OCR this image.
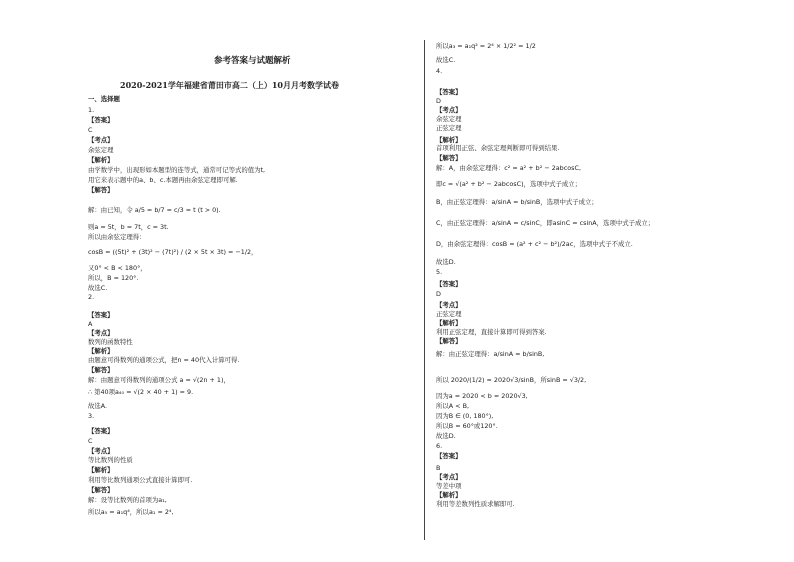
参考答案与试题解析
2020-2021学年福建省莆田市高二（上）10月月考数学试卷
一、选择题
1.
【答案】
C
【考点】
余弦定理
【解析】
由学数学中，出现形如本题型的连等式，通常可记等式的值为t,
用它来表示题中的a、b、c.本题再由余弦定理即可解.
【解答】
解：由已知，令 a/5 = b/7 = c/3 = t (t > 0).
则a = 5t，b = 7t，c = 3t.
所以由余弦定理得：
cosB = ((5t)² + (3t)² − (7t)²) / (2 × 5t × 3t) = −1/2，
又0° < B < 180°，
所以，B = 120°.
故选C.
2.
【答案】
A
【考点】
数列的函数特性
【解析】
由题意可得数列的通项公式，把n = 40代入计算可得.
【解答】
解：由题意可得数列的通项公式 a = √(2n + 1)，
∴ 第40项a₄₀ = √(2 × 40 + 1) = 9.
故选A.
3.
【答案】
C
【考点】
等比数列的性质
【解析】
利用等比数列通项公式直接计算即可.
【解答】
解：设等比数列的首项为a₁,
所以a₅ = a₁q⁴，所以a₁ = 2⁴,
所以a₃ = a₁q² = 2⁴ × 1/2² = 1/2
故选C.
4.
【答案】
D
【考点】
余弦定理
正弦定理
【解析】
首项利用正弦、余弦定理判断即可得到结果.
【解答】
解：A，由余弦定理得：c² = a² + b² − 2abcosC,
即c = √(a² + b² − 2abcosC)，选项中式子成立；
B，由正弦定理得：a/sinA = b/sinB，选项中式子成立；
C，由正弦定理得：a/sinA = c/sinC，即asinC = csinA，选项中式子成立；
D，由余弦定理得：cosB = (a² + c² − b²)/2ac，选项中式子不成立.
故选D.
5.
【答案】
D
【考点】
正弦定理
【解析】
利用正弦定理，直接计算即可得到答案.
【解答】
解：由正弦定理得：a/sinA = b/sinB,
所以 2020/(1/2) = 2020√3/sinB，所sinB = √3/2,
因为a = 2020 < b = 2020√3,
所以A < B,
因为B ∈ (0, 180°),
所以B = 60°或120°.
故选D.
6.
【答案】
B
【考点】
等差中项
【解析】
利用等差数列性质求解即可.
